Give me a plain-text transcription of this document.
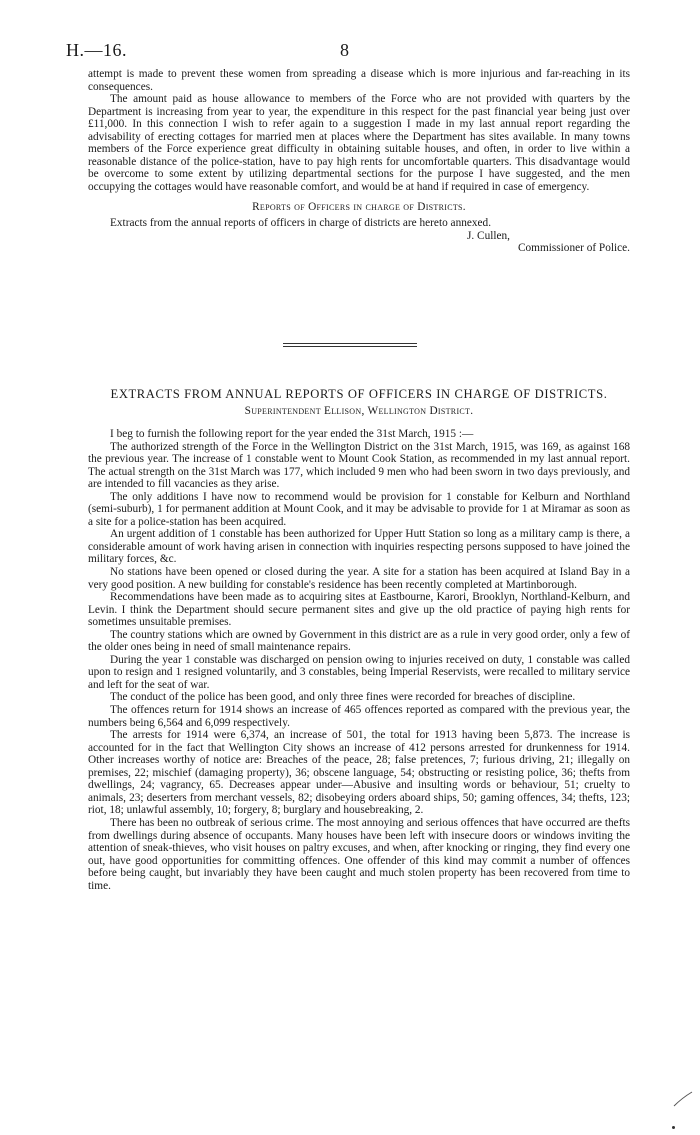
H.—16.	8

attempt is made to prevent these women from spreading a disease which is more injurious and far-reaching in its consequences.

The amount paid as house allowance to members of the Force who are not provided with quarters by the Department is increasing from year to year, the expenditure in this respect for the past financial year being just over £11,000. In this connection I wish to refer again to a suggestion I made in my last annual report regarding the advisability of erecting cottages for married men at places where the Department has sites available. In many towns members of the Force experience great difficulty in obtaining suitable houses, and often, in order to live within a reasonable distance of the police-station, have to pay high rents for uncomfortable quarters. This disadvantage would be overcome to some extent by utilizing departmental sections for the purpose I have suggested, and the men occupying the cottages would have reasonable comfort, and would be at hand if required in case of emergency.

Reports of Officers in charge of Districts.

Extracts from the annual reports of officers in charge of districts are hereto annexed.

J. Cullen,

Commissioner of Police.

EXTRACTS FROM ANNUAL REPORTS OF OFFICERS IN CHARGE OF DISTRICTS.
Superintendent Ellison, Wellington District.

I beg to furnish the following report for the year ended the 31st March, 1915 :—

The authorized strength of the Force in the Wellington District on the 31st March, 1915, was 169, as against 168 the previous year. The increase of 1 constable went to Mount Cook Station, as recommended in my last annual report. The actual strength on the 31st March was 177, which included 9 men who had been sworn in two days previously, and are intended to fill vacancies as they arise.

The only additions I have now to recommend would be provision for 1 constable for Kelburn and Northland (semi-suburb), 1 for permanent addition at Mount Cook, and it may be advisable to provide for 1 at Miramar as soon as a site for a police-station has been acquired.

An urgent addition of 1 constable has been authorized for Upper Hutt Station so long as a military camp is there, a considerable amount of work having arisen in connection with inquiries respecting persons supposed to have joined the military forces, &c.

No stations have been opened or closed during the year. A site for a station has been acquired at Island Bay in a very good position. A new building for constable's residence has been recently completed at Martinborough.

Recommendations have been made as to acquiring sites at Eastbourne, Karori, Brooklyn, Northland-Kelburn, and Levin. I think the Department should secure permanent sites and give up the old practice of paying high rents for sometimes unsuitable premises.

The country stations which are owned by Government in this district are as a rule in very good order, only a few of the older ones being in need of small maintenance repairs.

During the year 1 constable was discharged on pension owing to injuries received on duty, 1 constable was called upon to resign and 1 resigned voluntarily, and 3 constables, being Imperial Reservists, were recalled to military service and left for the seat of war.

The conduct of the police has been good, and only three fines were recorded for breaches of discipline.

The offences return for 1914 shows an increase of 465 offences reported as compared with the previous year, the numbers being 6,564 and 6,099 respectively.

The arrests for 1914 were 6,374, an increase of 501, the total for 1913 having been 5,873. The increase is accounted for in the fact that Wellington City shows an increase of 412 persons arrested for drunkenness for 1914. Other increases worthy of notice are: Breaches of the peace, 28; false pretences, 7; furious driving, 21; illegally on premises, 22; mischief (damaging property), 36; obscene language, 54; obstructing or resisting police, 36; thefts from dwellings, 24; vagrancy, 65. Decreases appear under—Abusive and insulting words or behaviour, 51; cruelty to animals, 23; deserters from merchant vessels, 82; disobeying orders aboard ships, 50; gaming offences, 34; thefts, 123; riot, 18; unlawful assembly, 10; forgery, 8; burglary and housebreaking, 2.

There has been no outbreak of serious crime. The most annoying and serious offences that have occurred are thefts from dwellings during absence of occupants. Many houses have been left with insecure doors or windows inviting the attention of sneak-thieves, who visit houses on paltry excuses, and when, after knocking or ringing, they find every one out, have good opportunities for committing offences. One offender of this kind may commit a number of offences before being caught, but invariably they have been caught and much stolen property has been recovered from time to time.
